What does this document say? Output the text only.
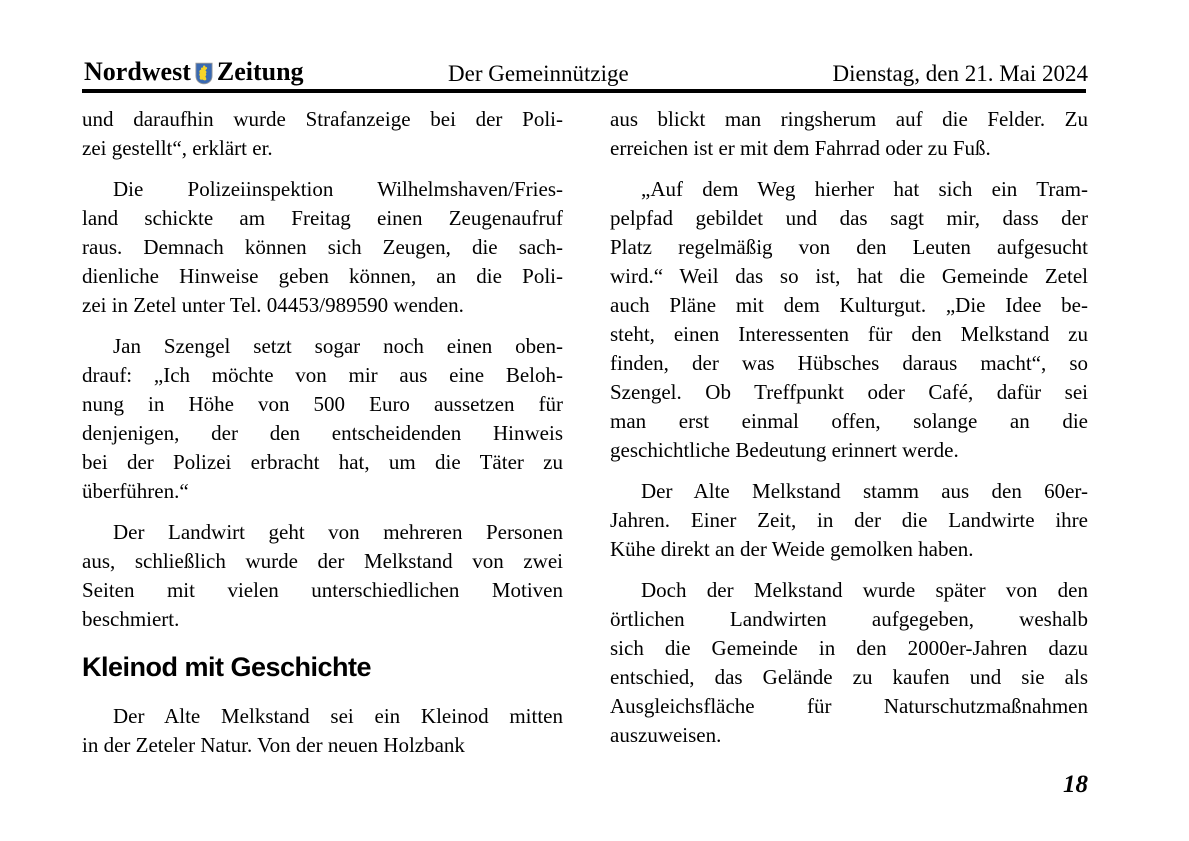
Nordwest Zeitung	Der Gemeinnützige	Dienstag, den 21. Mai 2024
und daraufhin wurde Strafanzeige bei der Poli-
zei gestellt“, erklärt er.
Die Polizeiinspektion Wilhelmshaven/Fries-
land schickte am Freitag einen Zeugenaufruf
raus. Demnach können sich Zeugen, die sach-
dienliche Hinweise geben können, an die Poli-
zei in Zetel unter Tel. 04453/989590 wenden.
Jan Szengel setzt sogar noch einen oben-
drauf: „Ich möchte von mir aus eine Beloh-
nung in Höhe von 500 Euro aussetzen für
denjenigen, der den entscheidenden Hinweis
bei der Polizei erbracht hat, um die Täter zu
überführen.“
Der Landwirt geht von mehreren Personen
aus, schließlich wurde der Melkstand von zwei
Seiten mit vielen unterschiedlichen Motiven
beschmiert.
Kleinod mit Geschichte
Der Alte Melkstand sei ein Kleinod mitten
in der Zeteler Natur. Von der neuen Holzbank
aus blickt man ringsherum auf die Felder. Zu
erreichen ist er mit dem Fahrrad oder zu Fuß.
„Auf dem Weg hierher hat sich ein Tram-
pelpfad gebildet und das sagt mir, dass der
Platz regelmäßig von den Leuten aufgesucht
wird.“ Weil das so ist, hat die Gemeinde Zetel
auch Pläne mit dem Kulturgut. „Die Idee be-
steht, einen Interessenten für den Melkstand zu
finden, der was Hübsches daraus macht“, so
Szengel. Ob Treffpunkt oder Café, dafür sei
man erst einmal offen, solange an die
geschichtliche Bedeutung erinnert werde.
Der Alte Melkstand stamm aus den 60er-
Jahren. Einer Zeit, in der die Landwirte ihre
Kühe direkt an der Weide gemolken haben.
Doch der Melkstand wurde später von den
örtlichen Landwirten aufgegeben, weshalb
sich die Gemeinde in den 2000er-Jahren dazu
entschied, das Gelände zu kaufen und sie als
Ausgleichsfläche für Naturschutzmaßnahmen
auszuweisen.
18
